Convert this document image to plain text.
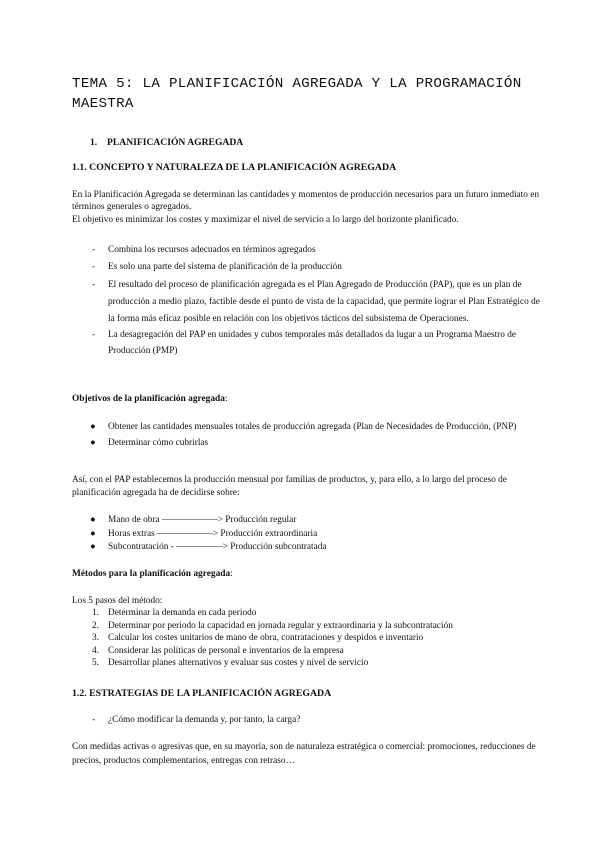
TEMA 5: LA PLANIFICACIÓN AGREGADA Y LA PROGRAMACIÓN MAESTRA
1. PLANIFICACIÓN AGREGADA
1.1. CONCEPTO Y NATURALEZA DE LA PLANIFICACIÓN AGREGADA
En la Planificación Agregada se determinan las cantidades y momentos de producción necesarios para un futuro inmediato en términos generales o agregados.
El objetivo es minimizar los costes y maximizar el nivel de servicio a lo largo del horizonte planificado.
- Combina los recursos adecuados en términos agregados
- Es solo una parte del sistema de planificación de la producción
- El resultado del proceso de planificación agregada es el Plan Agregado de Producción (PAP), que es un plan de producción a medio plazo, factible desde el punto de vista de la capacidad, que permite lograr el Plan Estratégico de la forma más eficaz posible en relación con los objetivos tácticos del subsistema de Operaciones.
- La desagregación del PAP en unidades y cubos temporales más detallados da lugar a un Programa Maestro de Producción (PMP)
Objetivos de la planificación agregada:
● Obtener las cantidades mensuales totales de producción agregada (Plan de Necesidades de Producción, (PNP)
● Determinar cómo cubrirlas
Así, con el PAP establecemos la producción mensual por familias de productos, y, para ello, a lo largo del proceso de planificación agregada ha de decidirse sobre:
● Mano de obra ——————> Producción regular
● Horas extras ——————> Producción extraordinaria
● Subcontratación - —————> Producción subcontratada
Métodos para la planificación agregada:
Los 5 pasos del método:
1. Determinar la demanda en cada periodo
2. Determinar por periodo la capacidad en jornada regular y extraordinaria y la subcontratación
3. Calcular los costes unitarios de mano de obra, contrataciones y despidos e inventario
4. Considerar las políticas de personal e inventarios de la empresa
5. Desarrollar planes alternativos y evaluar sus costes y nivel de servicio
1.2. ESTRATEGIAS DE LA PLANIFICACIÓN AGREGADA
- ¿Cómo modificar la demanda y, por tanto, la carga?
Con medidas activas o agresivas que, en su mayoría, son de naturaleza estratégica o comercial: promociones, reducciones de precios, productos complementarios, entregas con retraso…
